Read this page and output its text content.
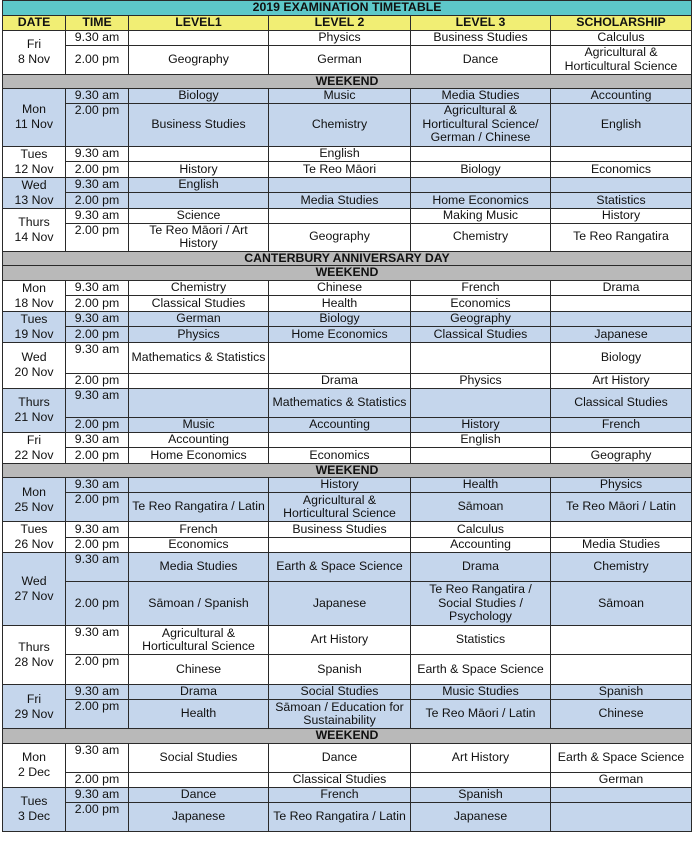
2019 EXAMINATION TIMETABLE					
DATE	TIME	LEVEL1	LEVEL 2	LEVEL 3	SCHOLARSHIP

Fri
8 Nov	9.30 am		Physics	Business Studies	Calculus
	2.00 pm	Geography	German	Dance	Agricultural & Horticultural Science
WEEKEND					

Mon
11 Nov	9.30 am	Biology	Music	Media Studies	Accounting
	2.00 pm	Business Studies	Chemistry	Agricultural & Horticultural Science/ German / Chinese	English

Tues
12 Nov	9.30 am		English		
	2.00 pm	History	Te Reo Māori	Biology	Economics

Wed
13 Nov	9.30 am	English			
	2.00 pm		Media Studies	Home Economics	Statistics

Thurs
14 Nov	9.30 am	Science		Making Music	History
	2.00 pm	Te Reo Māori / Art History	Geography	Chemistry	Te Reo Rangatira
CANTERBURY ANNIVERSARY DAY					
WEEKEND					

Mon
18 Nov	9.30 am	Chemistry	Chinese	French	Drama
	2.00 pm	Classical Studies	Health	Economics	

Tues
19 Nov	9.30 am	German	Biology	Geography	
	2.00 pm	Physics	Home Economics	Classical Studies	Japanese

Wed
20 Nov	9.30 am	Mathematics & Statistics			Biology
	2.00 pm		Drama	Physics	Art History

Thurs
21 Nov	9.30 am		Mathematics & Statistics		Classical Studies
	2.00 pm	Music	Accounting	History	French

Fri
22 Nov	9.30 am	Accounting		English	
	2.00 pm	Home Economics	Economics		Geography
WEEKEND					

Mon
25 Nov	9.30 am		History	Health	Physics
	2.00 pm	Te Reo Rangatira / Latin	Agricultural & Horticultural Science	Sāmoan	Te Reo Māori / Latin

Tues
26 Nov	9.30 am	French	Business Studies	Calculus	
	2.00 pm	Economics		Accounting	Media Studies

Wed
27 Nov	9.30 am	Media Studies	Earth & Space Science	Drama	Chemistry
	2.00 pm	Sāmoan / Spanish	Japanese	Te Reo Rangatira / Social Studies / Psychology	Sāmoan

Thurs
28 Nov	9.30 am	Agricultural & Horticultural Science	Art History	Statistics	
	2.00 pm	Chinese	Spanish	Earth & Space Science	

Fri
29 Nov	9.30 am	Drama	Social Studies	Music Studies	Spanish
	2.00 pm	Health	Sāmoan / Education for Sustainability	Te Reo Māori / Latin	Chinese
WEEKEND					

Mon
2 Dec	9.30 am	Social Studies	Dance	Art History	Earth & Space Science
	2.00 pm		Classical Studies		German

Tues
3 Dec	9.30 am	Dance	French	Spanish	
	2.00 pm	Japanese	Te Reo Rangatira / Latin	Japanese	
